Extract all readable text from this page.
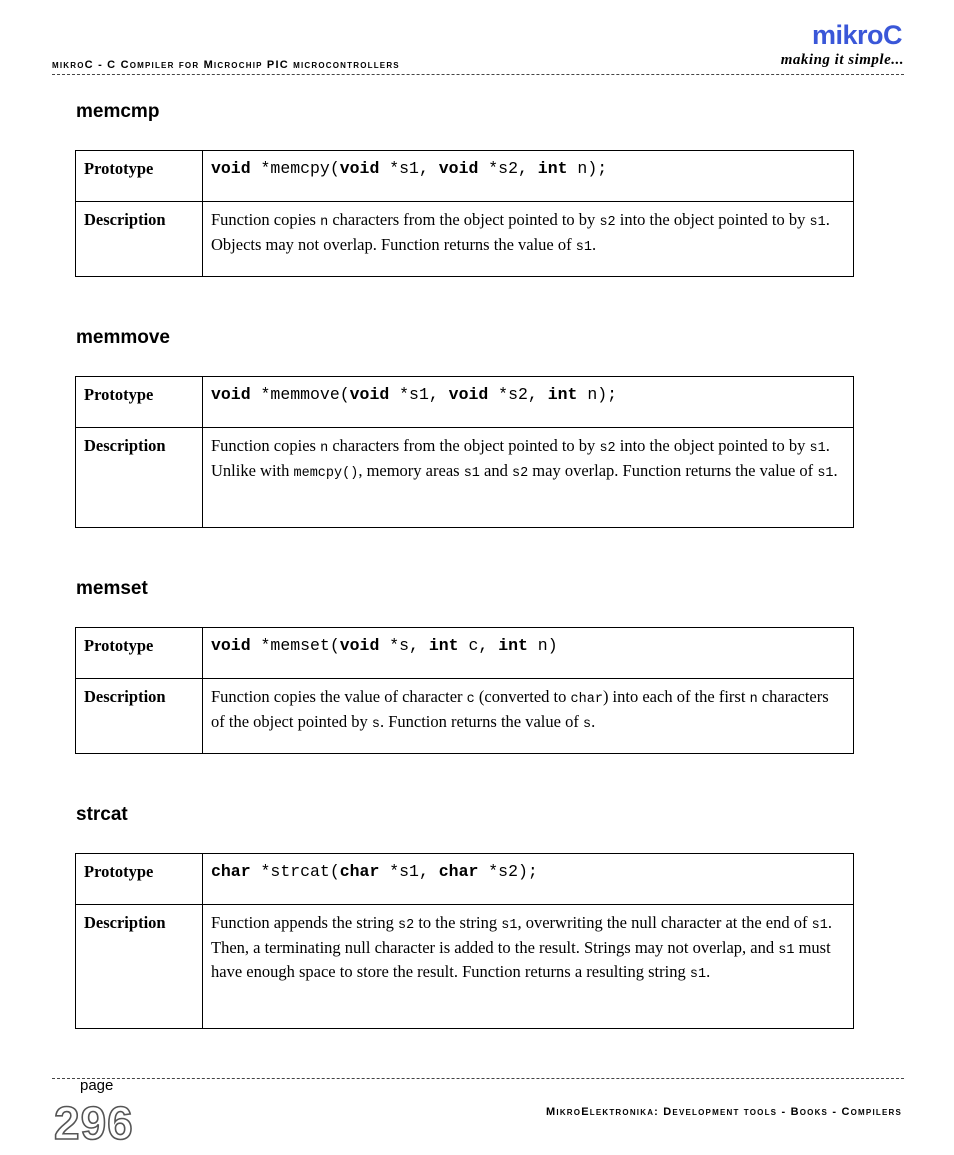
mikroC - C Compiler for Microchip PIC microcontrollers
mikroC
making it simple...
memcmp
Prototype	void *memcpy(void *s1, void *s2, int n);
Description	Function copies n characters from the object pointed to by s2 into the object pointed to by s1. Objects may not overlap. Function returns the value of s1.
memmove
Prototype	void *memmove(void *s1, void *s2, int n);
Description	Function copies n characters from the object pointed to by s2 into the object pointed to by s1. Unlike with memcpy(), memory areas s1 and s2 may overlap. Function returns the value of s1.
memset
Prototype	void *memset(void *s, int c, int n)
Description	Function copies the value of character c (converted to char) into each of the first n characters of the object pointed by s. Function returns the value of s.
strcat
Prototype	char *strcat(char *s1, char *s2);
Description	Function appends the string s2 to the string s1, overwriting the null character at the end of s1. Then, a terminating null character is added to the result. Strings may not overlap, and s1 must have enough space to store the result. Function returns a resulting string s1.
page
296	MikroElektronika: Development tools - Books - Compilers
